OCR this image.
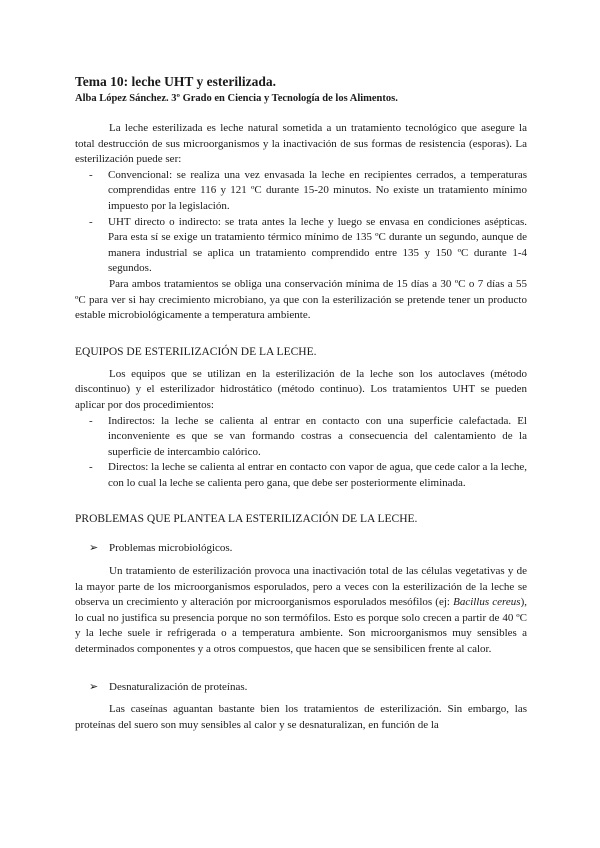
Tema 10: leche UHT y esterilizada.
Alba López Sánchez. 3º Grado en Ciencia y Tecnología de los Alimentos.

La leche esterilizada es leche natural sometida a un tratamiento tecnológico que asegure la total destrucción de sus microorganismos y la inactivación de sus formas de resistencia (esporas). La esterilización puede ser:

- Convencional: se realiza una vez envasada la leche en recipientes cerrados, a temperaturas comprendidas entre 116 y 121 ºC durante 15-20 minutos. No existe un tratamiento mínimo impuesto por la legislación.
- UHT directo o indirecto: se trata antes la leche y luego se envasa en condiciones asépticas. Para esta sí se exige un tratamiento térmico mínimo de 135 ºC durante un segundo, aunque de manera industrial se aplica un tratamiento comprendido entre 135 y 150 ºC durante 1-4 segundos.

Para ambos tratamientos se obliga una conservación mínima de 15 días a 30 ºC o 7 días a 55 ºC para ver si hay crecimiento microbiano, ya que con la esterilización se pretende tener un producto estable microbiológicamente a temperatura ambiente.

EQUIPOS DE ESTERILIZACIÓN DE LA LECHE.

Los equipos que se utilizan en la esterilización de la leche son los autoclaves (método discontinuo) y el esterilizador hidrostático (método continuo). Los tratamientos UHT se pueden aplicar por dos procedimientos:

- Indirectos: la leche se calienta al entrar en contacto con una superficie calefactada. El inconveniente es que se van formando costras a consecuencia del calentamiento de la superficie de intercambio calórico.
- Directos: la leche se calienta al entrar en contacto con vapor de agua, que cede calor a la leche, con lo cual la leche se calienta pero gana, que debe ser posteriormente eliminada.
PROBLEMAS QUE PLANTEA LA ESTERILIZACIÓN DE LA LECHE.
➢ Problemas microbiológicos.

Un tratamiento de esterilización provoca una inactivación total de las células vegetativas y de la mayor parte de los microorganismos esporulados, pero a veces con la esterilización de la leche se observa un crecimiento y alteración por microorganismos esporulados mesófilos (ej: Bacillus cereus), lo cual no justifica su presencia porque no son termófilos. Esto es porque solo crecen a partir de 40 ºC y la leche suele ir refrigerada o a temperatura ambiente. Son microorganismos muy sensibles a determinados componentes y a otros compuestos, que hacen que se sensibilicen frente al calor.

➢ Desnaturalización de proteínas.

Las caseínas aguantan bastante bien los tratamientos de esterilización. Sin embargo, las proteínas del suero son muy sensibles al calor y se desnaturalizan, en función de la
